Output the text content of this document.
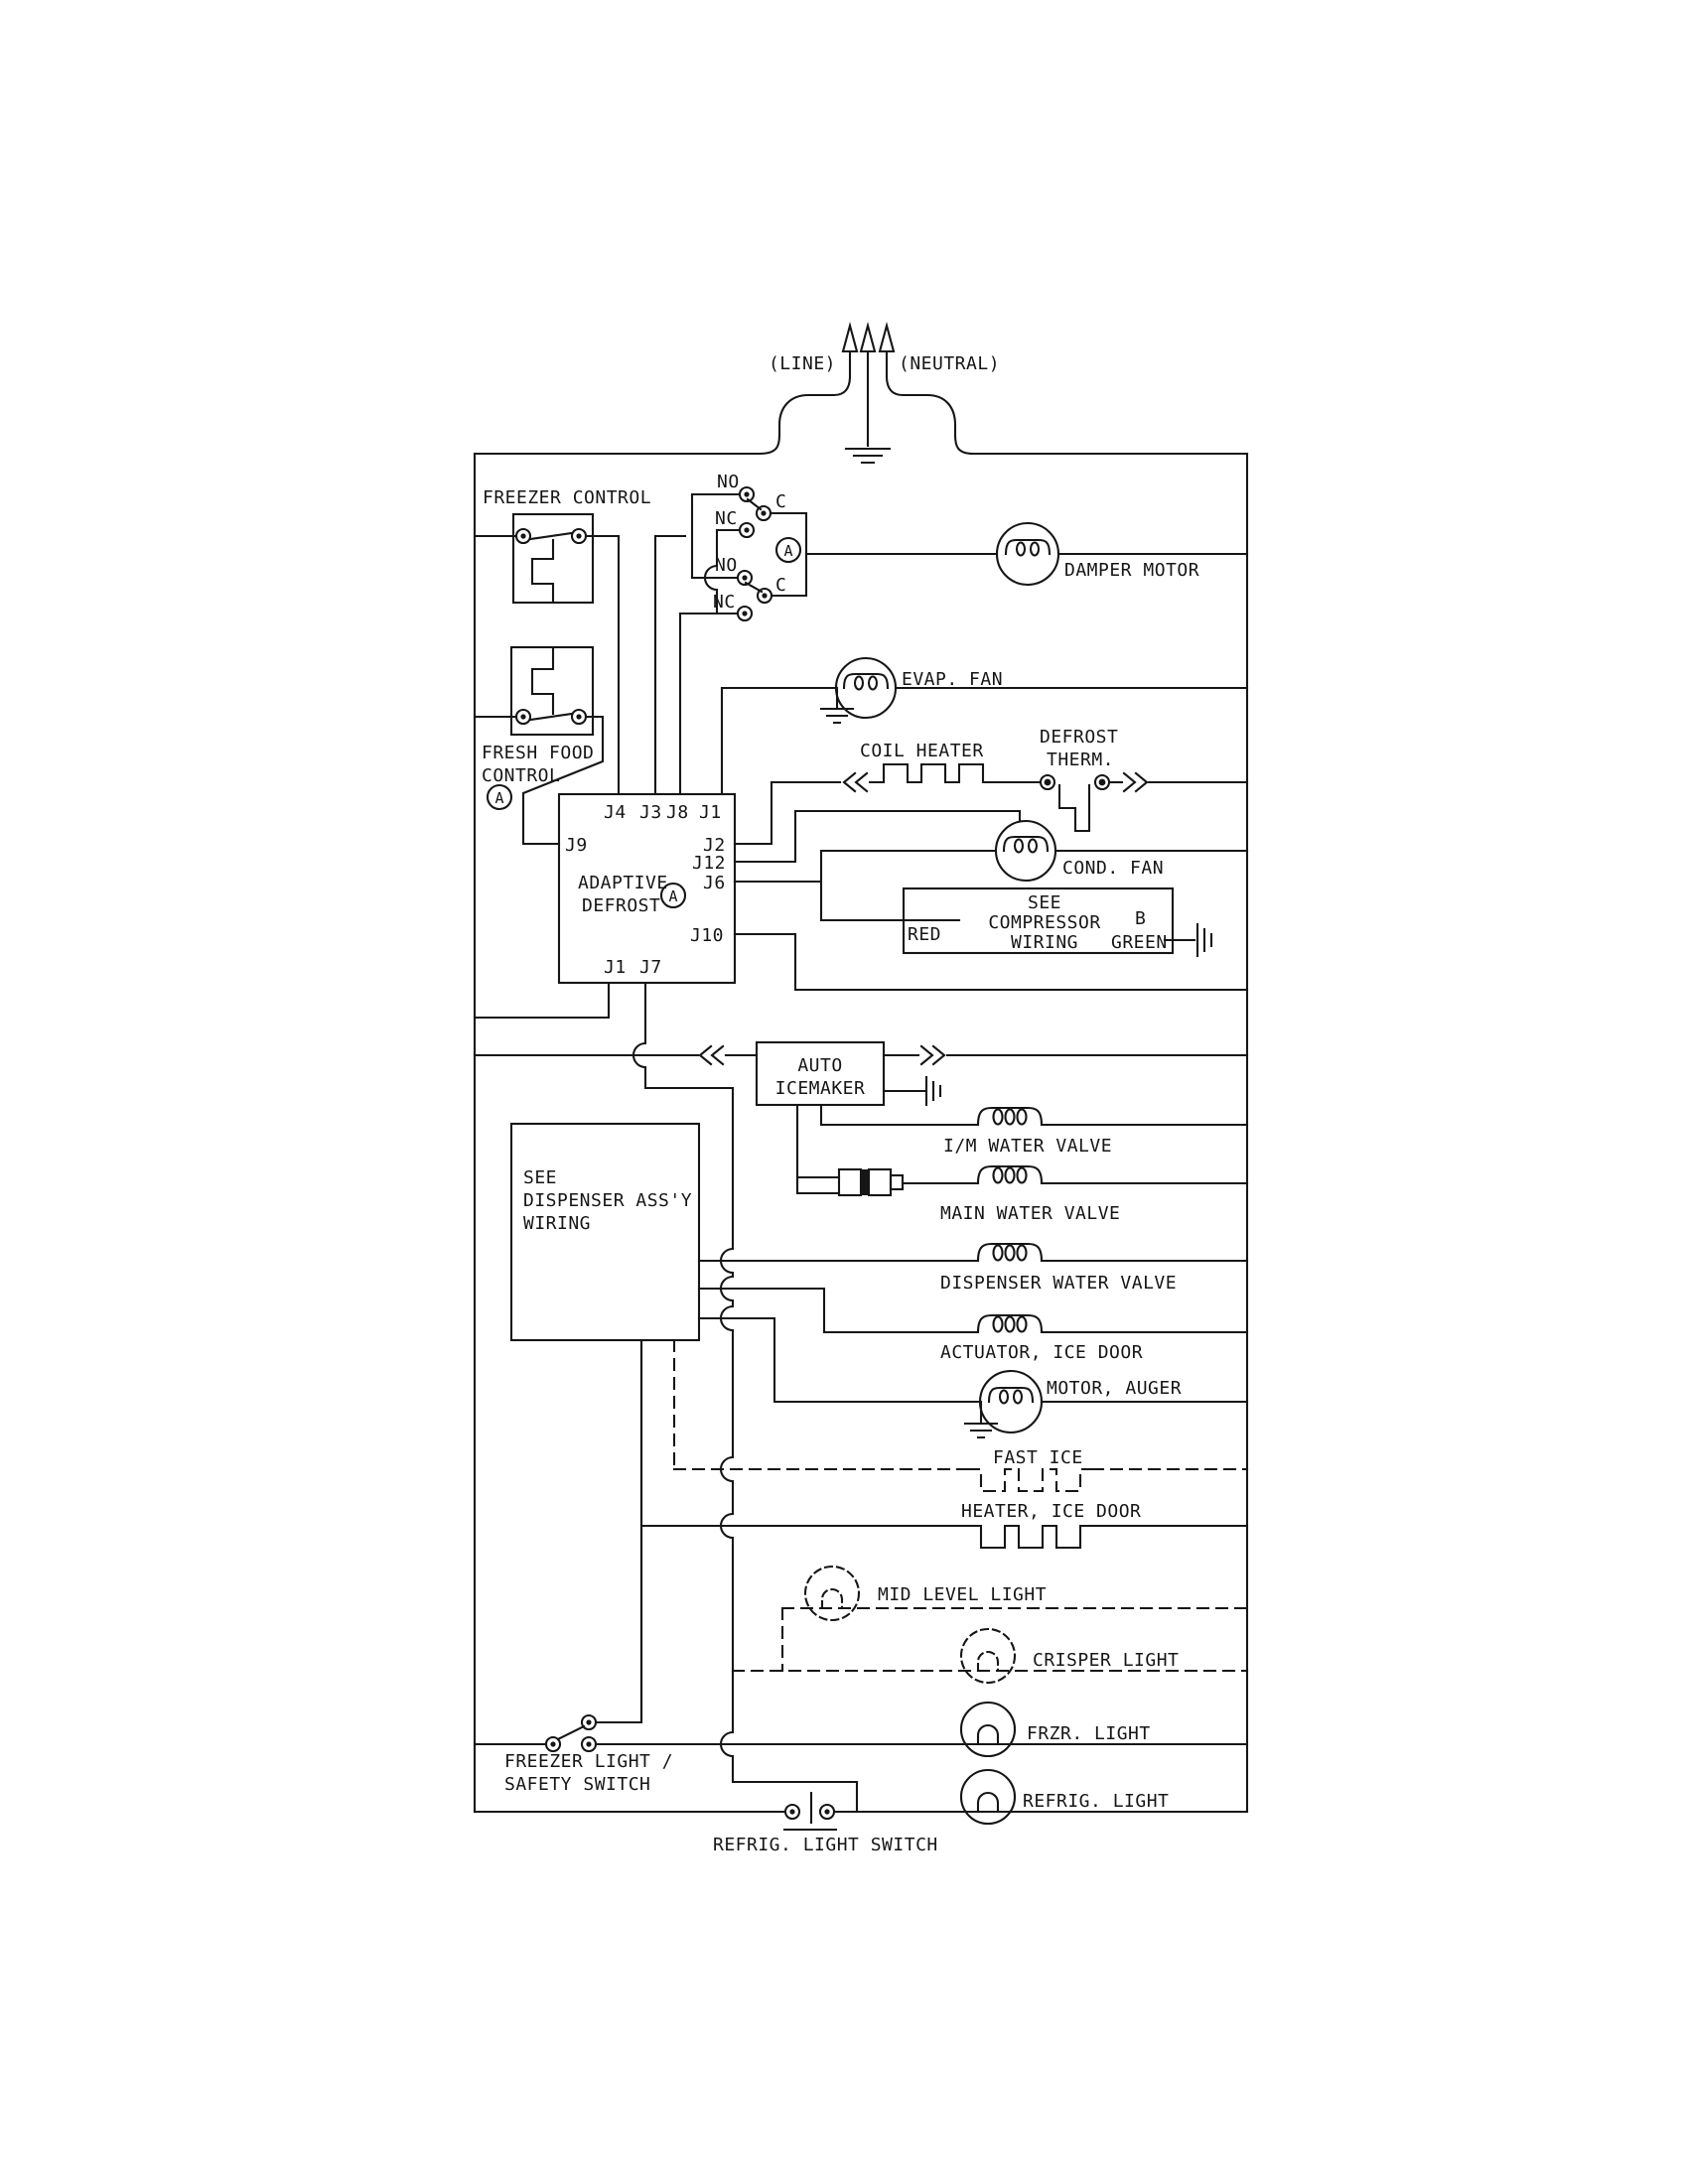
(LINE)	(NEUTRAL)
FREEZER CONTROL
FRESH FOOD
CONTROL
A
NO
C
NC
NO
C
NC
A
DAMPER MOTOR
EVAP. FAN
COIL HEATER
DEFROST
THERM.
COND. FAN
SEE
COMPRESSOR
WIRING
RED
B
GREEN
J4 J3 J8 J1
J9	J2
J12
J6
J10
J1 J7
ADAPTIVE
DEFROST A
AUTO
ICEMAKER
I/M WATER VALVE
MAIN WATER VALVE
DISPENSER WATER VALVE
ACTUATOR, ICE DOOR
SEE
DISPENSER ASS'Y
WIRING
MOTOR, AUGER
FAST ICE
HEATER, ICE DOOR
MID LEVEL LIGHT
CRISPER LIGHT
FREEZER LIGHT /
SAFETY SWITCH
FRZR. LIGHT
REFRIG. LIGHT
REFRIG. LIGHT SWITCH
